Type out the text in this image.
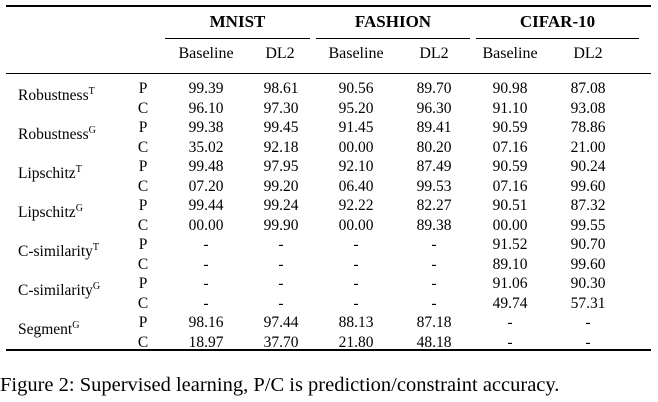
MNIST	FASHION	CIFAR-10
Baseline	DL2	Baseline	DL2	Baseline	DL2
Robustness$^T$	P	99.39	98.61	90.56	89.70	90.98	87.08
C	96.10	97.30	95.20	96.30	91.10	93.08
Robustness$^G$	P	99.38	99.45	91.45	89.41	90.59	78.86
C	35.02	92.18	00.00	80.20	07.16	21.00
Lipschitz$^T$	P	99.48	97.95	92.10	87.49	90.59	90.24
C	07.20	99.20	06.40	99.53	07.16	99.60
Lipschitz$^G$	P	99.44	99.24	92.22	82.27	90.51	87.32
C	00.00	99.90	00.00	89.38	00.00	99.55
C-similarity$^T$	P	-	-	-	-	91.52	90.70
C	-	-	-	-	89.10	99.60
C-similarity$^G$ P	-	-	-	-	91.06	90.30
C	-	-	-	-	49.74	57.31
Segment$^G$	P	98.16	97.44	88.13	87.18	-	-
C	18.97	37.70	21.80	48.18	-	-
Figure 2: Supervised learning, P/C is prediction/constraint accuracy.
